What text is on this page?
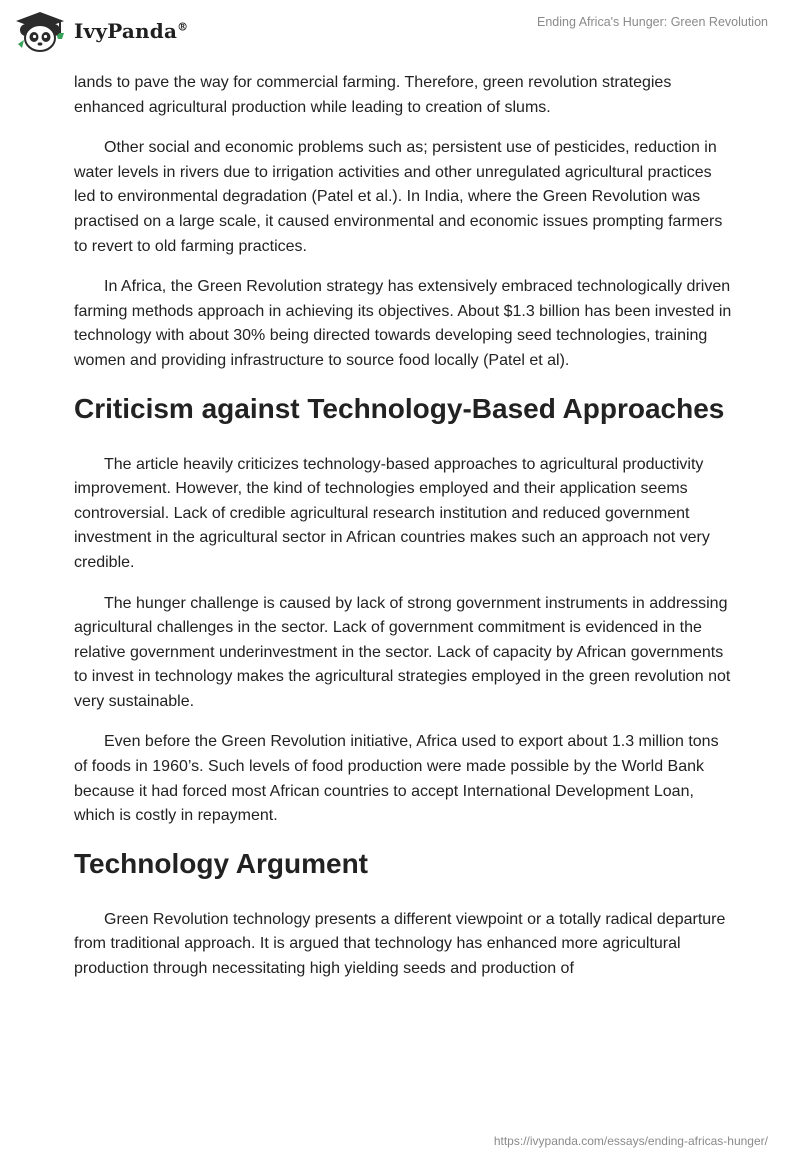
IvyPanda®	Ending Africa's Hunger: Green Revolution

lands to pave the way for commercial farming. Therefore, green revolution strategies enhanced agricultural production while leading to creation of slums.

Other social and economic problems such as; persistent use of pesticides, reduction in water levels in rivers due to irrigation activities and other unregulated agricultural practices led to environmental degradation (Patel et al.). In India, where the Green Revolution was practised on a large scale, it caused environmental and economic issues prompting farmers to revert to old farming practices.

In Africa, the Green Revolution strategy has extensively embraced technologically driven farming methods approach in achieving its objectives. About $1.3 billion has been invested in technology with about 30% being directed towards developing seed technologies, training women and providing infrastructure to source food locally (Patel et al).

Criticism against Technology-Based Approaches

The article heavily criticizes technology-based approaches to agricultural productivity improvement. However, the kind of technologies employed and their application seems controversial. Lack of credible agricultural research institution and reduced government investment in the agricultural sector in African countries makes such an approach not very credible.

The hunger challenge is caused by lack of strong government instruments in addressing agricultural challenges in the sector. Lack of government commitment is evidenced in the relative government underinvestment in the sector. Lack of capacity by African governments to invest in technology makes the agricultural strategies employed in the green revolution not very sustainable.

Even before the Green Revolution initiative, Africa used to export about 1.3 million tons of foods in 1960’s. Such levels of food production were made possible by the World Bank because it had forced most African countries to accept International Development Loan, which is costly in repayment.

Technology Argument

Green Revolution technology presents a different viewpoint or a totally radical departure from traditional approach. It is argued that technology has enhanced more agricultural production through necessitating high yielding seeds and production of

https://ivypanda.com/essays/ending-africas-hunger/
